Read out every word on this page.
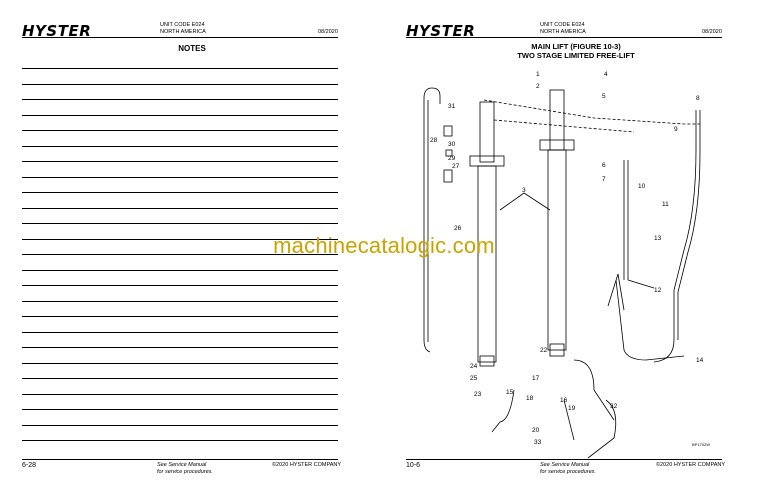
HYSTER	UNIT CODE E024
NORTH AMERICA	08/2020
NOTES
6-28	See Service Manual
for service procedures.
©2020 HYSTER COMPANY
HYSTER	UNIT CODE E024
NORTH AMERICA	08/2020
MAIN LIFT (FIGURE 10-3)
TWO STAGE LIMITED FREE-LIFT
1
2
3
4
5
6
7
8
9
10
11
12
13
14
15
16
17
18
19
20
22
23
24
25
26
27
28
29
30
31
32
33	BP1702W
10-6	See Service Manual
for service procedures.
©2020 HYSTER COMPANY
machinecatalogic.com
